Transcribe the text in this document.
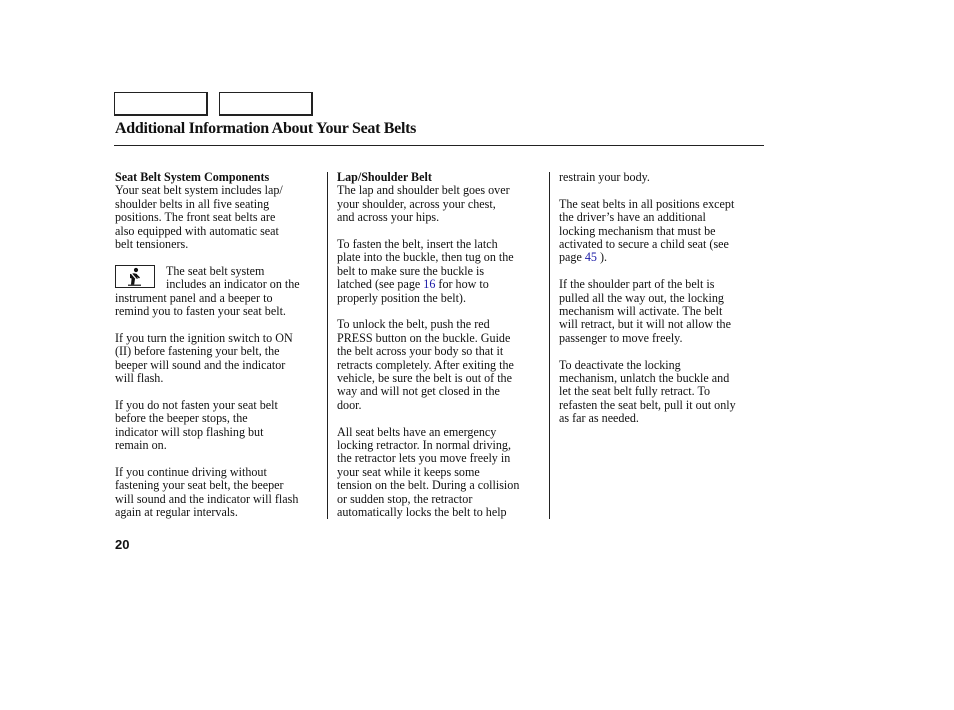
Additional Information About Your Seat Belts
Seat Belt System Components

Your seat belt system includes lap/
shoulder belts in all five seating
positions. The front seat belts are
also equipped with automatic seat
belt tensioners.

The seat belt system
includes an indicator on the
instrument panel and a beeper to
remind you to fasten your seat belt.

If you turn the ignition switch to ON
(II) before fastening your belt, the
beeper will sound and the indicator
will flash.

If you do not fasten your seat belt
before the beeper stops, the
indicator will stop flashing but
remain on.

If you continue driving without
fastening your seat belt, the beeper
will sound and the indicator will flash
again at regular intervals.

Lap/Shoulder Belt

The lap and shoulder belt goes over
your shoulder, across your chest,
and across your hips.

To fasten the belt, insert the latch
plate into the buckle, then tug on the
belt to make sure the buckle is
latched (see page 16 for how to
properly position the belt).

To unlock the belt, push the red
PRESS button on the buckle. Guide
the belt across your body so that it
retracts completely. After exiting the
vehicle, be sure the belt is out of the
way and will not get closed in the
door.

All seat belts have an emergency
locking retractor. In normal driving,
the retractor lets you move freely in
your seat while it keeps some
tension on the belt. During a collision
or sudden stop, the retractor
automatically locks the belt to help

restrain your body.

The seat belts in all positions except
the driver’s have an additional
locking mechanism that must be
activated to secure a child seat (see
page 45 ).

If the shoulder part of the belt is
pulled all the way out, the locking
mechanism will activate. The belt
will retract, but it will not allow the
passenger to move freely.

To deactivate the locking
mechanism, unlatch the buckle and
let the seat belt fully retract. To
refasten the seat belt, pull it out only
as far as needed.

20
